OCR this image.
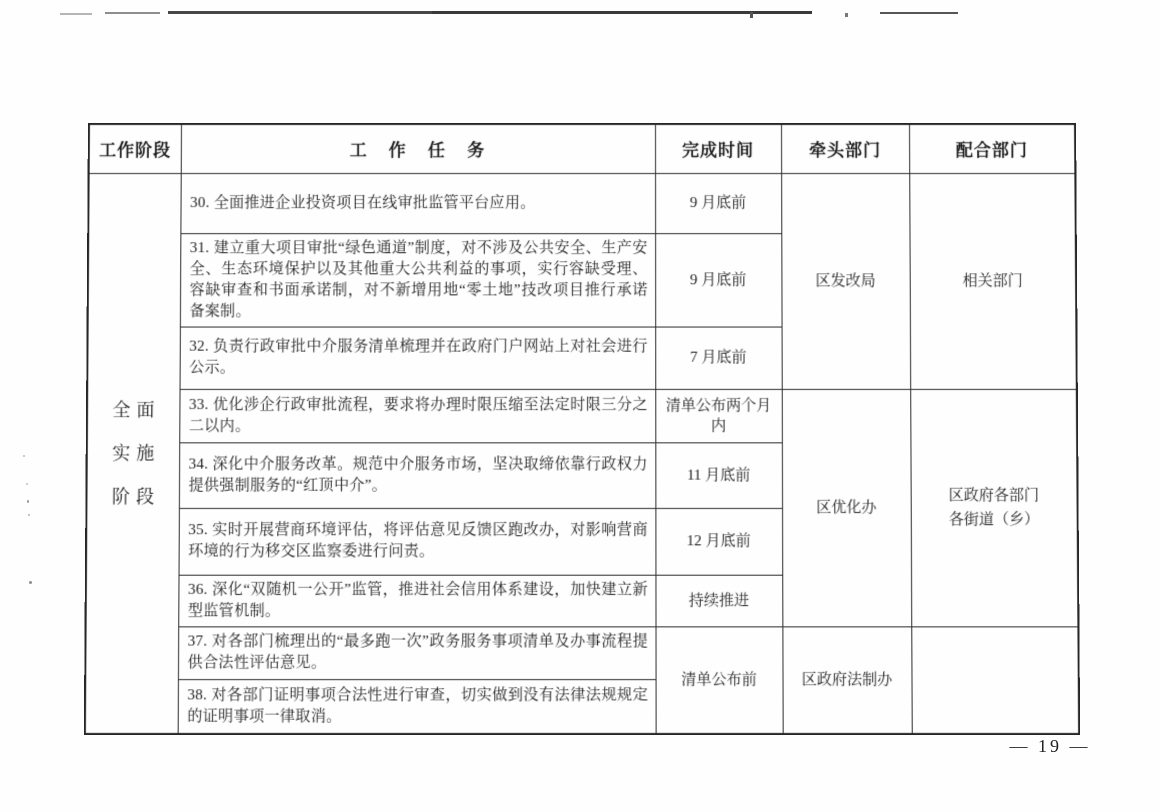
工作阶段	工 作 任 务	完成时间	牵头部门	配合部门

全面
实施
阶段	30. 全面推进企业投资项目在线审批监管平台应用。	9 月底前	区发改局	相关部门
	31. 建立重大项目审批“绿色通道”制度，对不涉及公共安全、生产安全、生态环境保护以及其他重大公共利益的事项，实行容缺受理、容缺审查和书面承诺制，对不新增用地“零土地”技改项目推行承诺备案制。	9 月底前		
	32. 负责行政审批中介服务清单梳理并在政府门户网站上对社会进行公示。	7 月底前		
	33. 优化涉企行政审批流程，要求将办理时限压缩至法定时限三分之二以内。	清单公布两个月内	区优化办	区政府各部门
各街道（乡）

	34. 深化中介服务改革。规范中介服务市场，坚决取缔依靠行政权力提供强制服务的“红顶中介”。	11 月底前		
	35. 实时开展营商环境评估，将评估意见反馈区跑改办，对影响营商环境的行为移交区监察委进行问责。	12 月底前		
	36. 深化“双随机一公开”监管，推进社会信用体系建设，加快建立新型监管机制。	持续推进		
	37. 对各部门梳理出的“最多跑一次”政务服务事项清单及办事流程提供合法性评估意见。	清单公布前	区政府法制办	
	38. 对各部门证明事项合法性进行审查，切实做到没有法律法规规定的证明事项一律取消。			
— 19 —
